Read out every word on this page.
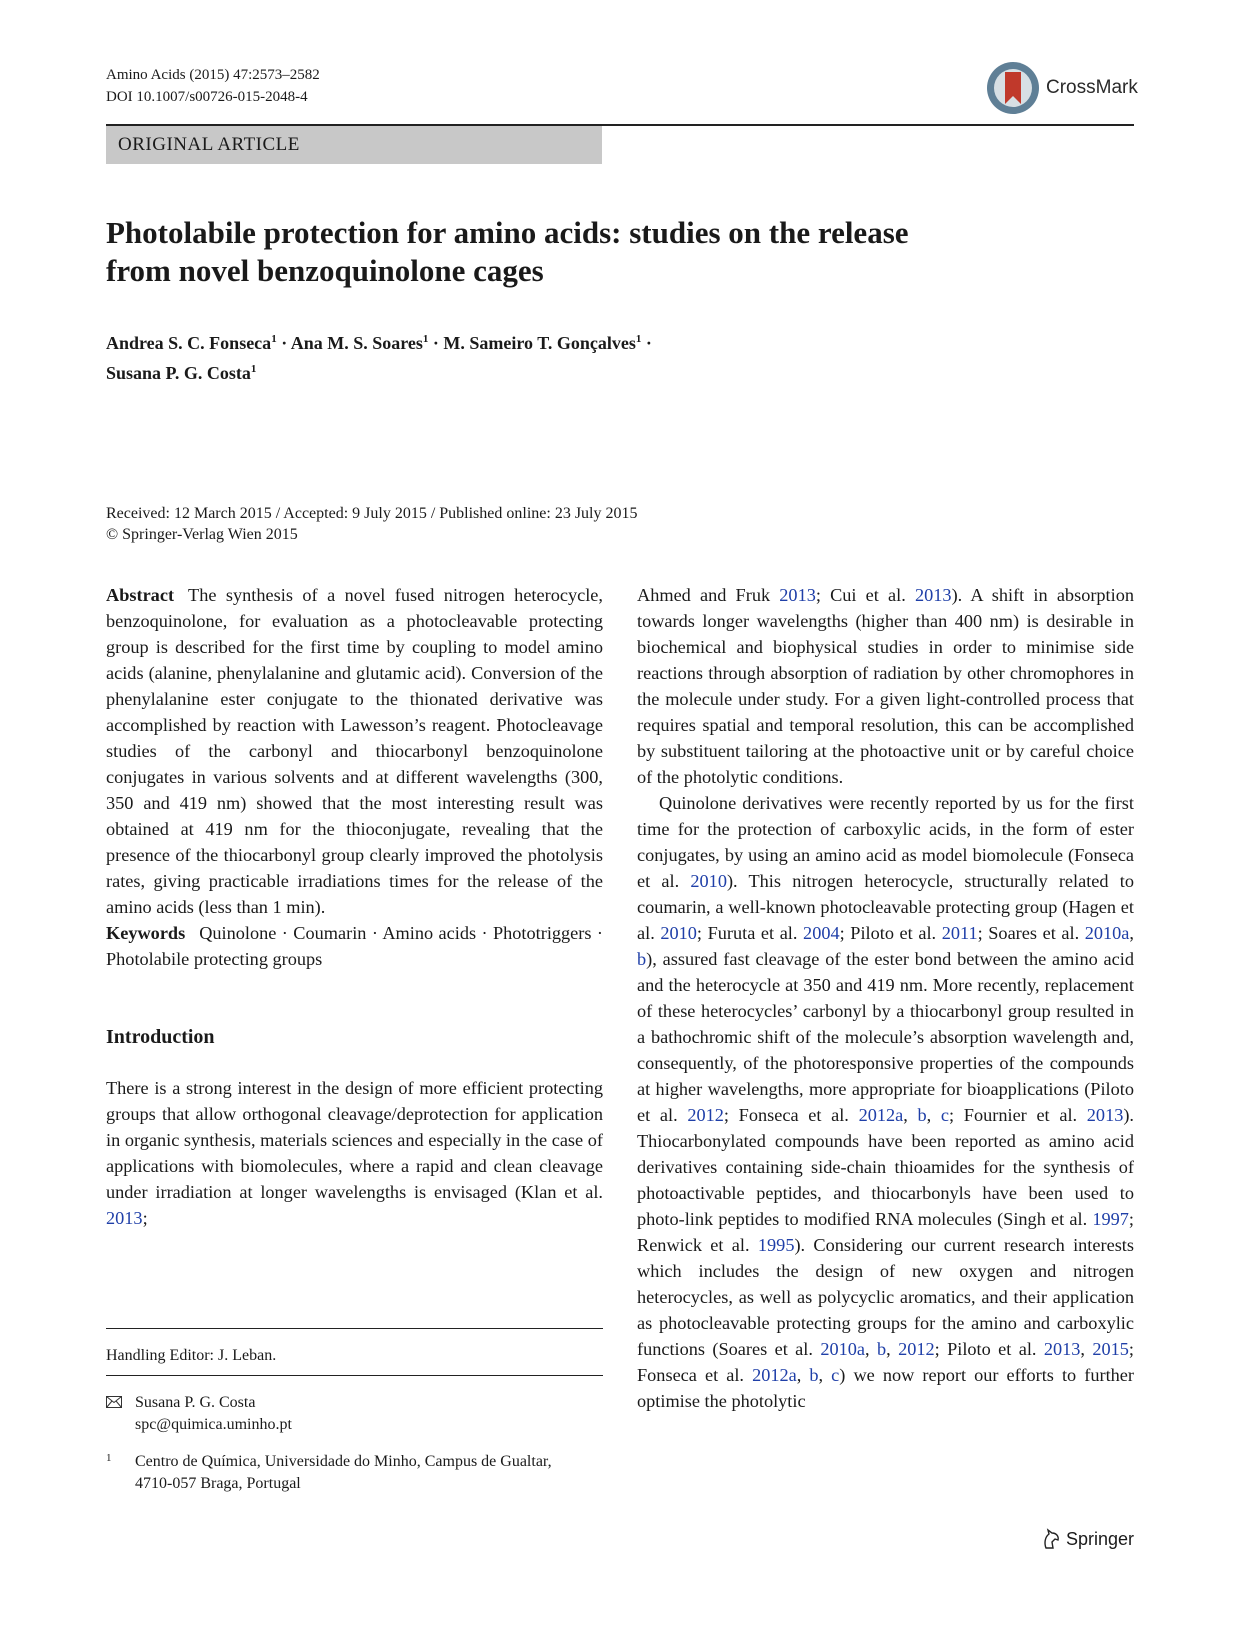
Amino Acids (2015) 47:2573–2582
DOI 10.1007/s00726-015-2048-4	CrossMark
ORIGINAL ARTICLE
Photolabile protection for amino acids: studies on the release
from novel benzoquinolone cages
Andrea S. C. Fonseca$^1$ · Ana M. S. Soares$^1$ · M. Sameiro T. Gonçalves$^1$ ·
Susana P. G. Costa$^1$
Received: 12 March 2015 / Accepted: 9 July 2015 / Published online: 23 July 2015
© Springer-Verlag Wien 2015

Abstract The synthesis of a novel fused nitrogen heterocycle, benzoquinolone, for evaluation as a photocleavable protecting group is described for the first time by coupling to model amino acids (alanine, phenylalanine and glutamic acid). Conversion of the phenylalanine ester conjugate to the thionated derivative was accomplished by reaction with Lawesson’s reagent. Photocleavage studies of the carbonyl and thiocarbonyl benzoquinolone conjugates in various solvents and at different wavelengths (300, 350 and 419 nm) showed that the most interesting result was obtained at 419 nm for the thioconjugate, revealing that the presence of the thiocarbonyl group clearly improved the photolysis rates, giving practicable irradiations times for the release of the amino acids (less than 1 min).

Keywords Quinolone · Coumarin · Amino acids · Phototriggers · Photolabile protecting groups

Introduction

There is a strong interest in the design of more efficient protecting groups that allow orthogonal cleavage/deprotection for application in organic synthesis, materials sciences and especially in the case of applications with biomolecules, where a rapid and clean cleavage under irradiation at longer wavelengths is envisaged (Klan et al. 2013;

Handling Editor: J. Leban.
Susana P. G. Costa
spc@quimica.uminho.pt
1 Centro de Química, Universidade do Minho, Campus de Gualtar, 4710-057 Braga, Portugal

Ahmed and Fruk 2013; Cui et al. 2013). A shift in absorption towards longer wavelengths (higher than 400 nm) is desirable in biochemical and biophysical studies in order to minimise side reactions through absorption of radiation by other chromophores in the molecule under study. For a given light-controlled process that requires spatial and temporal resolution, this can be accomplished by substituent tailoring at the photoactive unit or by careful choice of the photolytic conditions.

Quinolone derivatives were recently reported by us for the first time for the protection of carboxylic acids, in the form of ester conjugates, by using an amino acid as model biomolecule (Fonseca et al. 2010). This nitrogen heterocycle, structurally related to coumarin, a well-known photocleavable protecting group (Hagen et al. 2010; Furuta et al. 2004; Piloto et al. 2011; Soares et al. 2010a, b), assured fast cleavage of the ester bond between the amino acid and the heterocycle at 350 and 419 nm. More recently, replacement of these heterocycles’ carbonyl by a thiocarbonyl group resulted in a bathochromic shift of the molecule’s absorption wavelength and, consequently, of the photoresponsive properties of the compounds at higher wavelengths, more appropriate for bioapplications (Piloto et al. 2012; Fonseca et al. 2012a, b, c; Fournier et al. 2013). Thiocarbonylated compounds have been reported as amino acid derivatives containing side-chain thioamides for the synthesis of photoactivable peptides, and thiocarbonyls have been used to photo-link peptides to modified RNA molecules (Singh et al. 1997; Renwick et al. 1995). Considering our current research interests which includes the design of new oxygen and nitrogen heterocycles, as well as polycyclic aromatics, and their application as photocleavable protecting groups for the amino and carboxylic functions (Soares et al. 2010a, b, 2012; Piloto et al. 2013, 2015; Fonseca et al. 2012a, b, c) we now report our efforts to further optimise the photolytic

Springer
